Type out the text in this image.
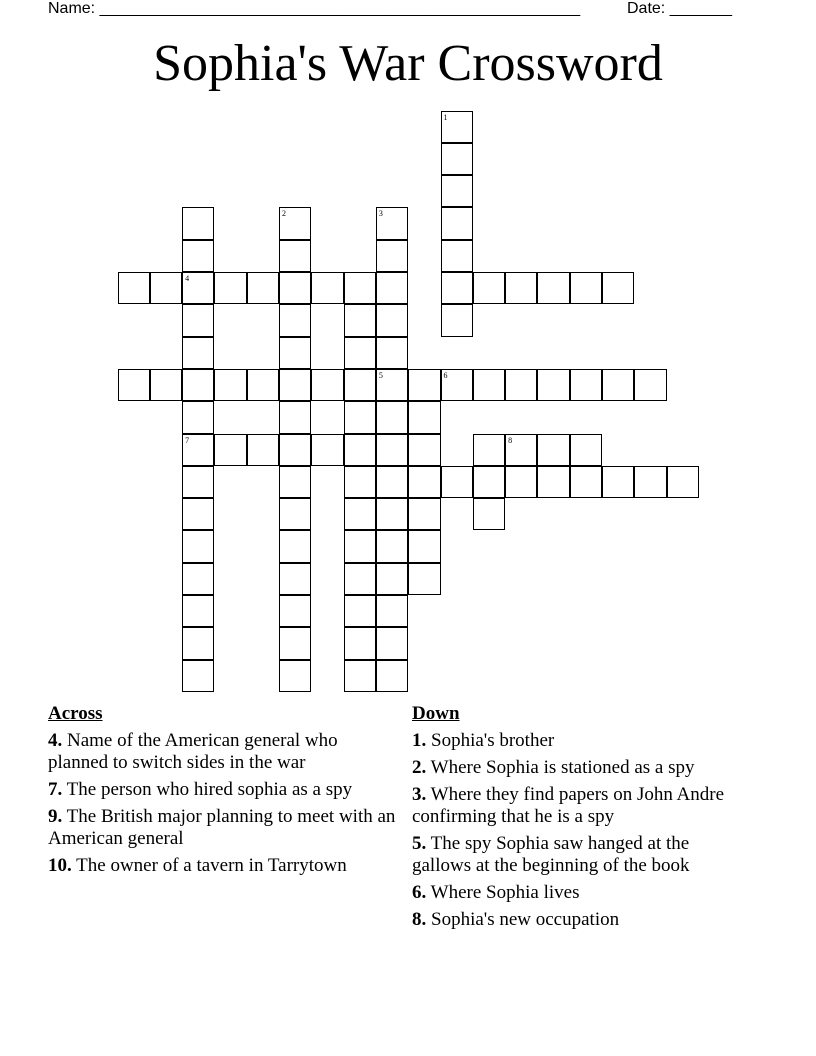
Name: ______________________________________________________	Date: _______
Sophia's War Crossword
1
2	3
5
4
7	8
6
Across
4. Name of the American general who planned to switch sides in the war
7. The person who hired sophia as a spy
9. The British major planning to meet with an American general
10. The owner of a tavern in Tarrytown
Down
1. Sophia's brother
2. Where Sophia is stationed as a spy
3. Where they find papers on John Andre confirming that he is a spy
5. The spy Sophia saw hanged at the gallows at the beginning of the book
6. Where Sophia lives
8. Sophia's new occupation
